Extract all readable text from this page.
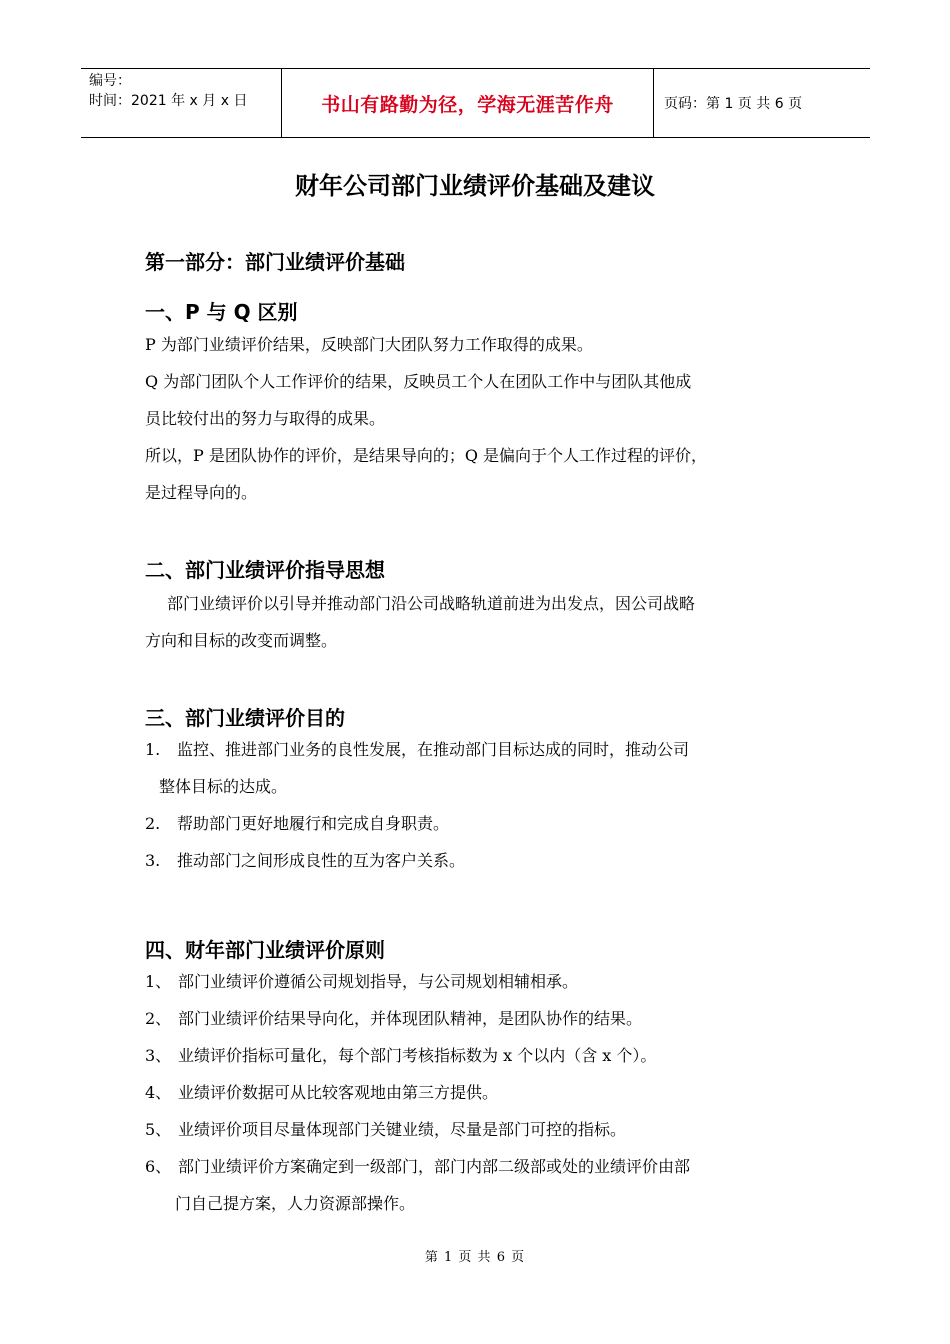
编号：
时间：2021 年 x 月 x 日	书山有路勤为径，学海无涯苦作舟	页码：第 1 页 共 6 页
财年公司部门业绩评价基础及建议
第一部分：部门业绩评价基础
一、P 与 Q 区别
P 为部门业绩评价结果，反映部门大团队努力工作取得的成果。
Q 为部门团队个人工作评价的结果，反映员工个人在团队工作中与团队其他成
员比较付出的努力与取得的成果。
所以，P 是团队协作的评价，是结果导向的；Q 是偏向于个人工作过程的评价，
是过程导向的。
二、部门业绩评价指导思想
部门业绩评价以引导并推动部门沿公司战略轨道前进为出发点，因公司战略
方向和目标的改变而调整。
三、部门业绩评价目的
1. 监控、推进部门业务的良性发展，在推动部门目标达成的同时，推动公司
整体目标的达成。
2. 帮助部门更好地履行和完成自身职责。
3. 推动部门之间形成良性的互为客户关系。
四、财年部门业绩评价原则
1、 部门业绩评价遵循公司规划指导，与公司规划相辅相承。
2、 部门业绩评价结果导向化，并体现团队精神，是团队协作的结果。
3、 业绩评价指标可量化，每个部门考核指标数为 x 个以内（含 x 个）。
4、 业绩评价数据可从比较客观地由第三方提供。
5、 业绩评价项目尽量体现部门关键业绩，尽量是部门可控的指标。
6、 部门业绩评价方案确定到一级部门，部门内部二级部或处的业绩评价由部
门自己提方案，人力资源部操作。
第 1 页 共 6 页
